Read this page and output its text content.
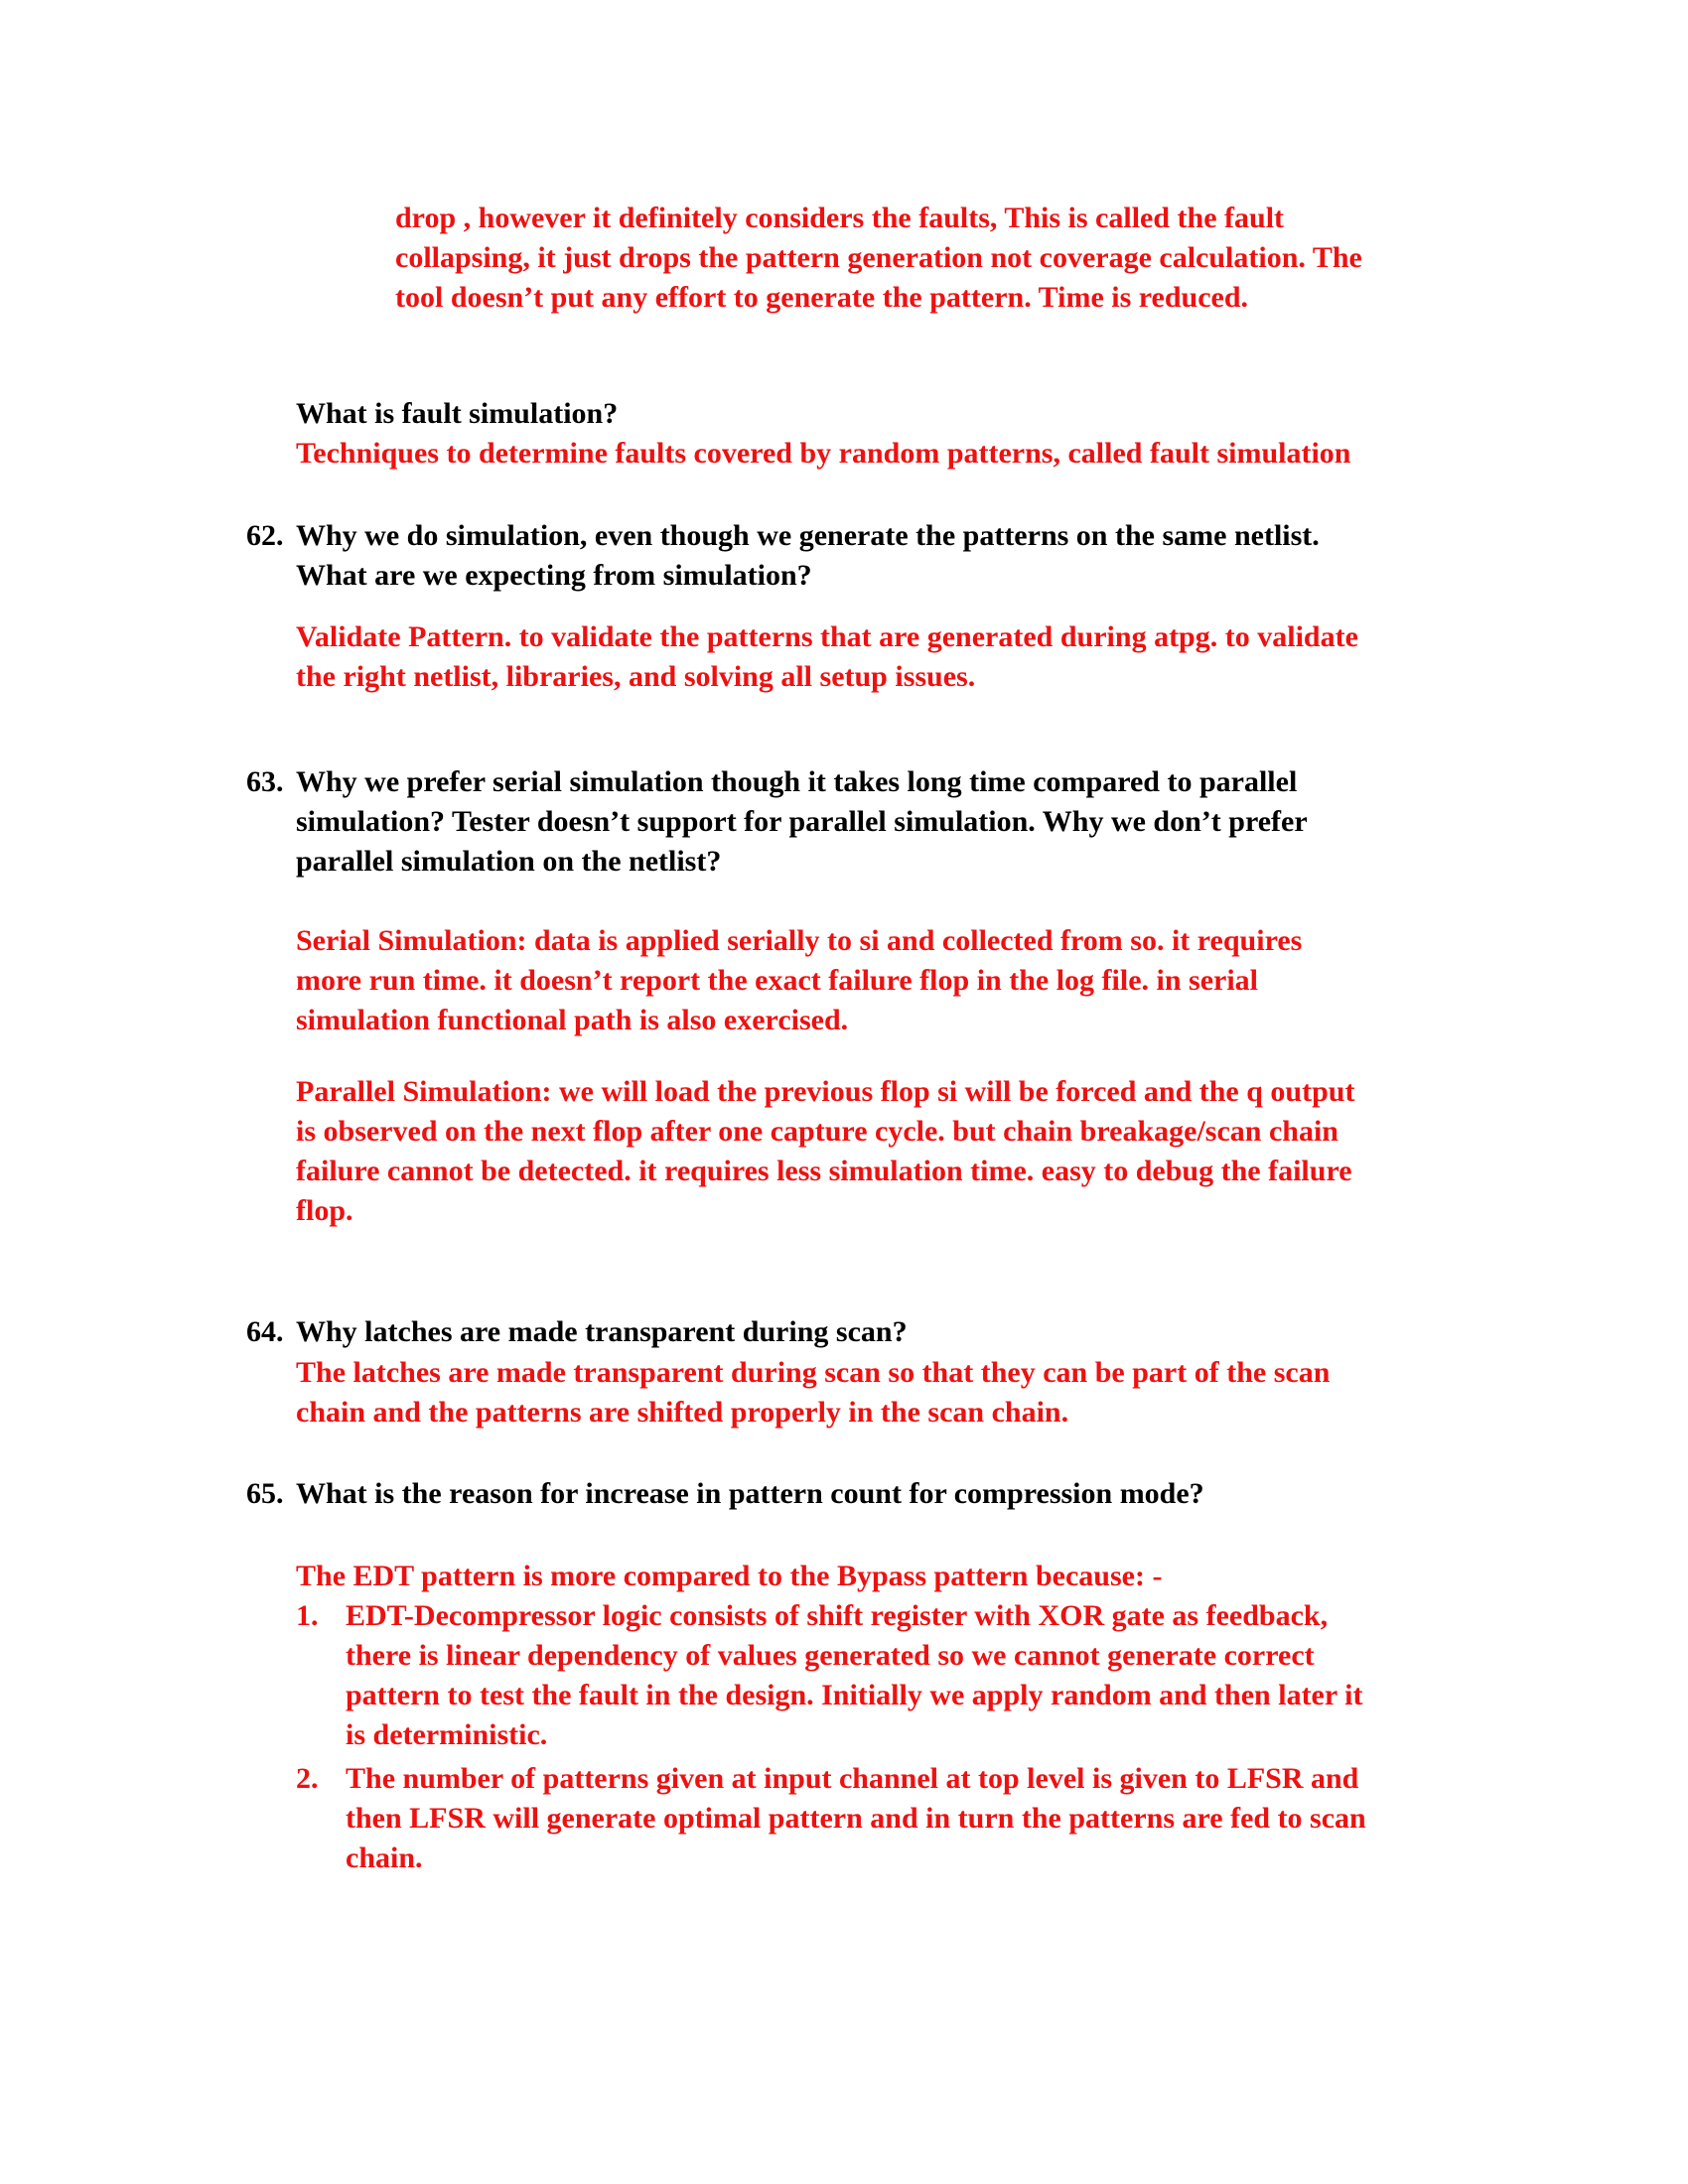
drop , however it definitely considers the faults, This is called the fault
collapsing, it just drops the pattern generation not coverage calculation. The
tool doesn’t put any effort to generate the pattern. Time is reduced.
What is fault simulation?
Techniques to determine faults covered by random patterns, called fault simulation
62. Why we do simulation, even though we generate the patterns on the same netlist.
What are we expecting from simulation?
Validate Pattern. to validate the patterns that are generated during atpg. to validate
the right netlist, libraries, and solving all setup issues.
63. Why we prefer serial simulation though it takes long time compared to parallel
simulation? Tester doesn’t support for parallel simulation. Why we don’t prefer
parallel simulation on the netlist?
Serial Simulation: data is applied serially to si and collected from so. it requires
more run time. it doesn’t report the exact failure flop in the log file. in serial
simulation functional path is also exercised.
Parallel Simulation: we will load the previous flop si will be forced and the q output
is observed on the next flop after one capture cycle. but chain breakage/scan chain
failure cannot be detected. it requires less simulation time. easy to debug the failure
flop.
64. Why latches are made transparent during scan?
The latches are made transparent during scan so that they can be part of the scan
chain and the patterns are shifted properly in the scan chain.
65. What is the reason for increase in pattern count for compression mode?
The EDT pattern is more compared to the Bypass pattern because: -
1. EDT-Decompressor logic consists of shift register with XOR gate as feedback,
there is linear dependency of values generated so we cannot generate correct
pattern to test the fault in the design. Initially we apply random and then later it
is deterministic.
2. The number of patterns given at input channel at top level is given to LFSR and
then LFSR will generate optimal pattern and in turn the patterns are fed to scan
chain.
